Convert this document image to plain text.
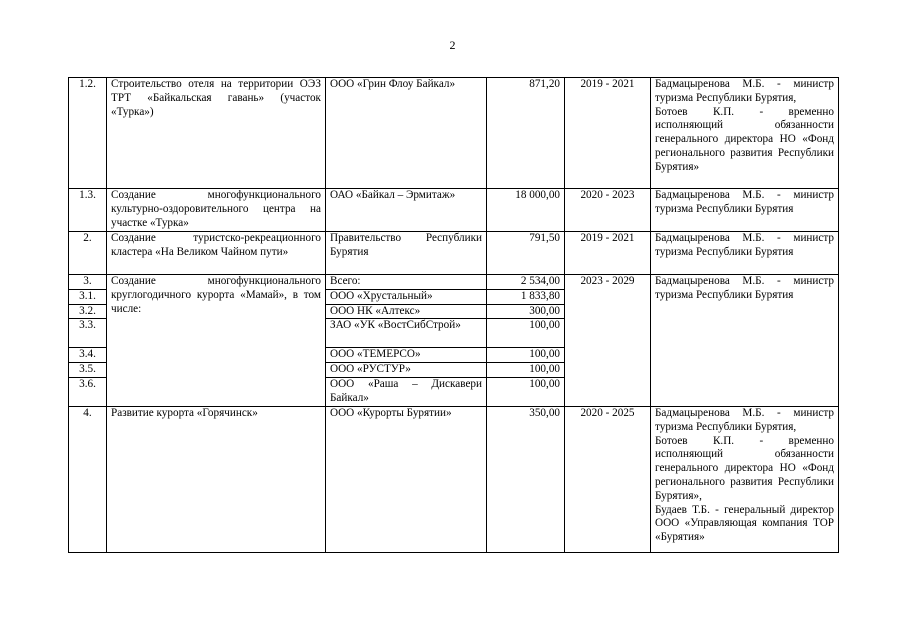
2
1.2.	Строительство отеля на территории ОЭЗ ТРТ «Байкальская гавань» (участок «Турка»)	ООО «Грин Флоу Байкал»	871,20	2019 - 2021	Бадмацыренова М.Б. - министр туризма Республики Бурятия,
Ботоев К.П. - временно исполняющий обязанности генерального директора НО «Фонд регионального развития Республики Бурятия»

1.3.	Создание многофункционального культурно-оздоровительного центра на участке «Турка»	ОАО «Байкал – Эрмитаж»	18 000,00	2020 - 2023	Бадмацыренова М.Б. - министр туризма Республики Бурятия

2.	Создание туристско-рекреационного кластера «На Великом Чайном пути»	Правительство Республики Бурятия	791,50	2019 - 2021	Бадмацыренова М.Б. - министр туризма Республики Бурятия

3.	Создание многофункционального круглогодичного курорта «Мамай», в том числе:	Всего:	2 534,00	2023 - 2029	Бадмацыренова М.Б. - министр туризма Республики Бурятия
3.1.		ООО «Хрустальный»	1 833,80		
3.2.		ООО НК «Алтекс»	300,00		
3.3.		ЗАО «УК «ВостСибСтрой»	100,00		
3.4.		ООО «ТЕМЕРСО»	100,00		
3.5.		ООО «РУСТУР»	100,00		
3.6.		ООО «Раша – Дискавери Байкал»	100,00		
4.	Развитие курорта «Горячинск»	ООО «Курорты Бурятии»	350,00	2020 - 2025	Бадмацыренова М.Б. - министр туризма Республики Бурятия,
Ботоев К.П. - временно исполняющий обязанности генерального директора НО «Фонд регионального развития Республики Бурятия»,
Будаев Т.Б. - генеральный директор ООО «Управляющая компания ТОР «Бурятия»
